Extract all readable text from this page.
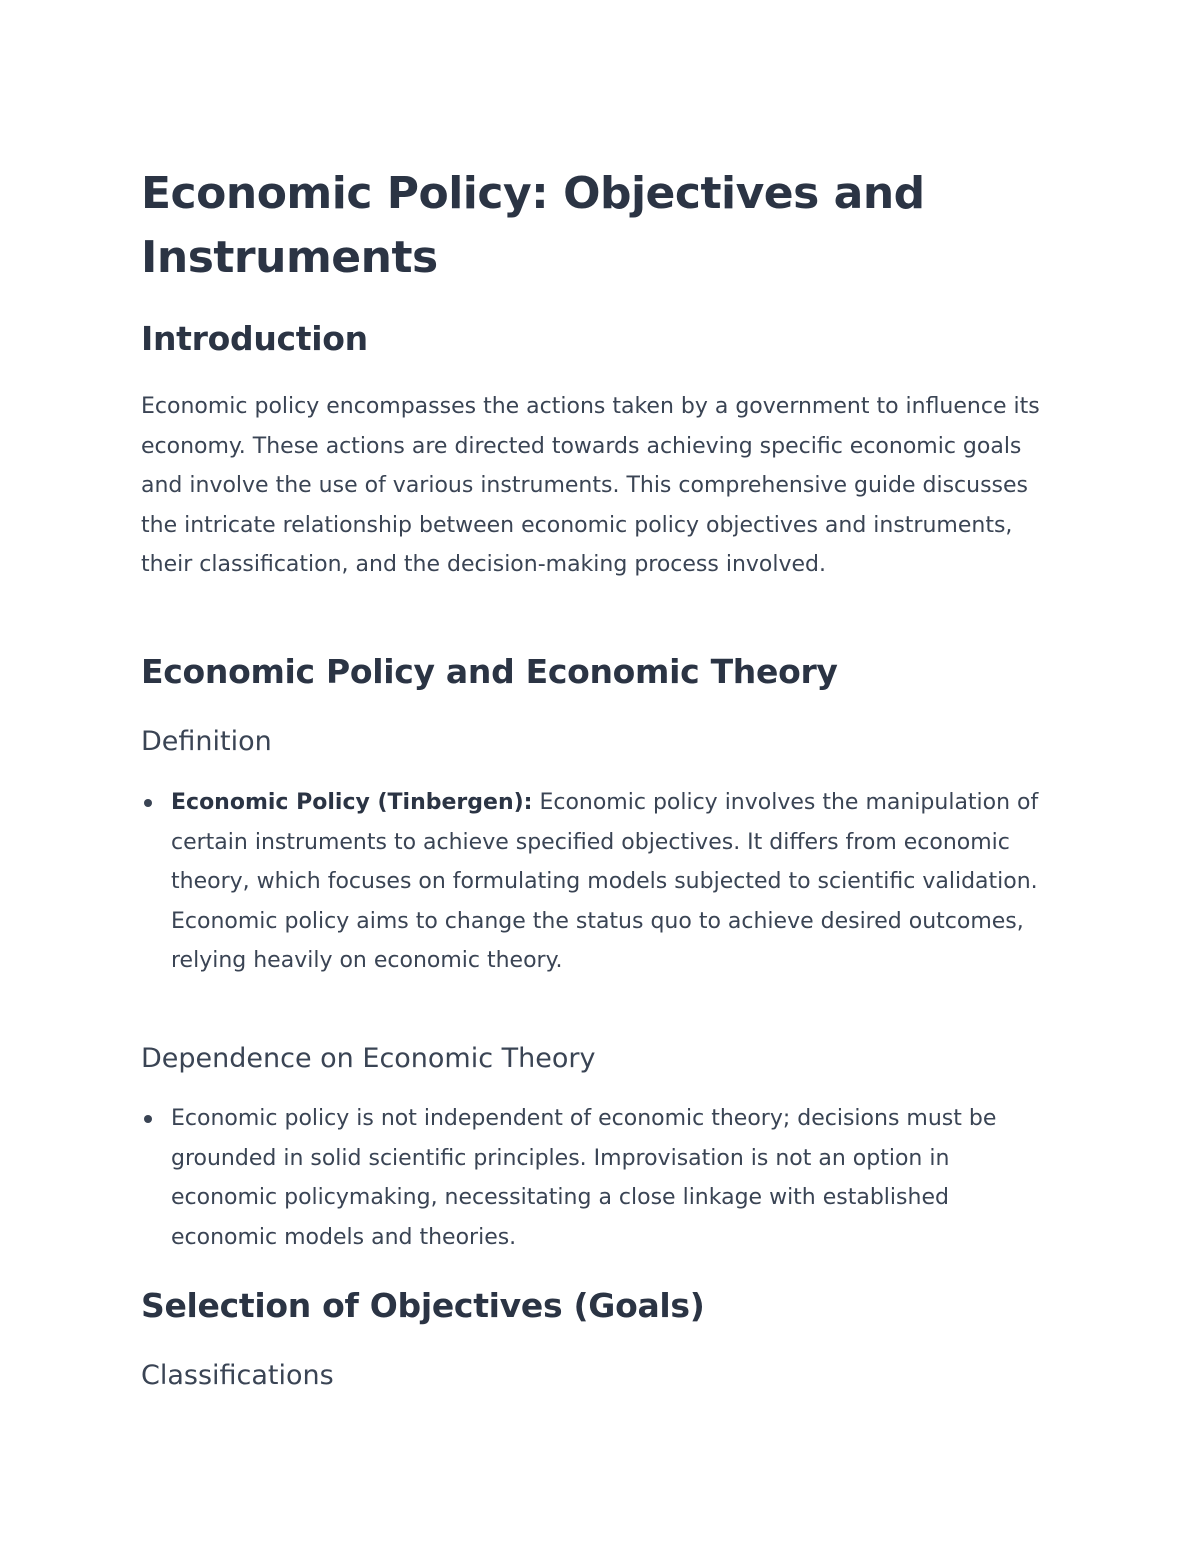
Economic Policy: Objectives and Instruments
Introduction

Economic policy encompasses the actions taken by a government to influence its economy. These actions are directed towards achieving specific economic goals and involve the use of various instruments. This comprehensive guide discusses the intricate relationship between economic policy objectives and instruments, their classification, and the decision-making process involved.

Economic Policy and Economic Theory
Definition
Economic Policy (Tinbergen): Economic policy involves the manipulation of certain instruments to achieve specified objectives. It differs from economic theory, which focuses on formulating models subjected to scientific validation. Economic policy aims to change the status quo to achieve desired outcomes, relying heavily on economic theory.
Dependence on Economic Theory
Economic policy is not independent of economic theory; decisions must be grounded in solid scientific principles. Improvisation is not an option in economic policymaking, necessitating a close linkage with established economic models and theories.
Selection of Objectives (Goals)
Classifications
